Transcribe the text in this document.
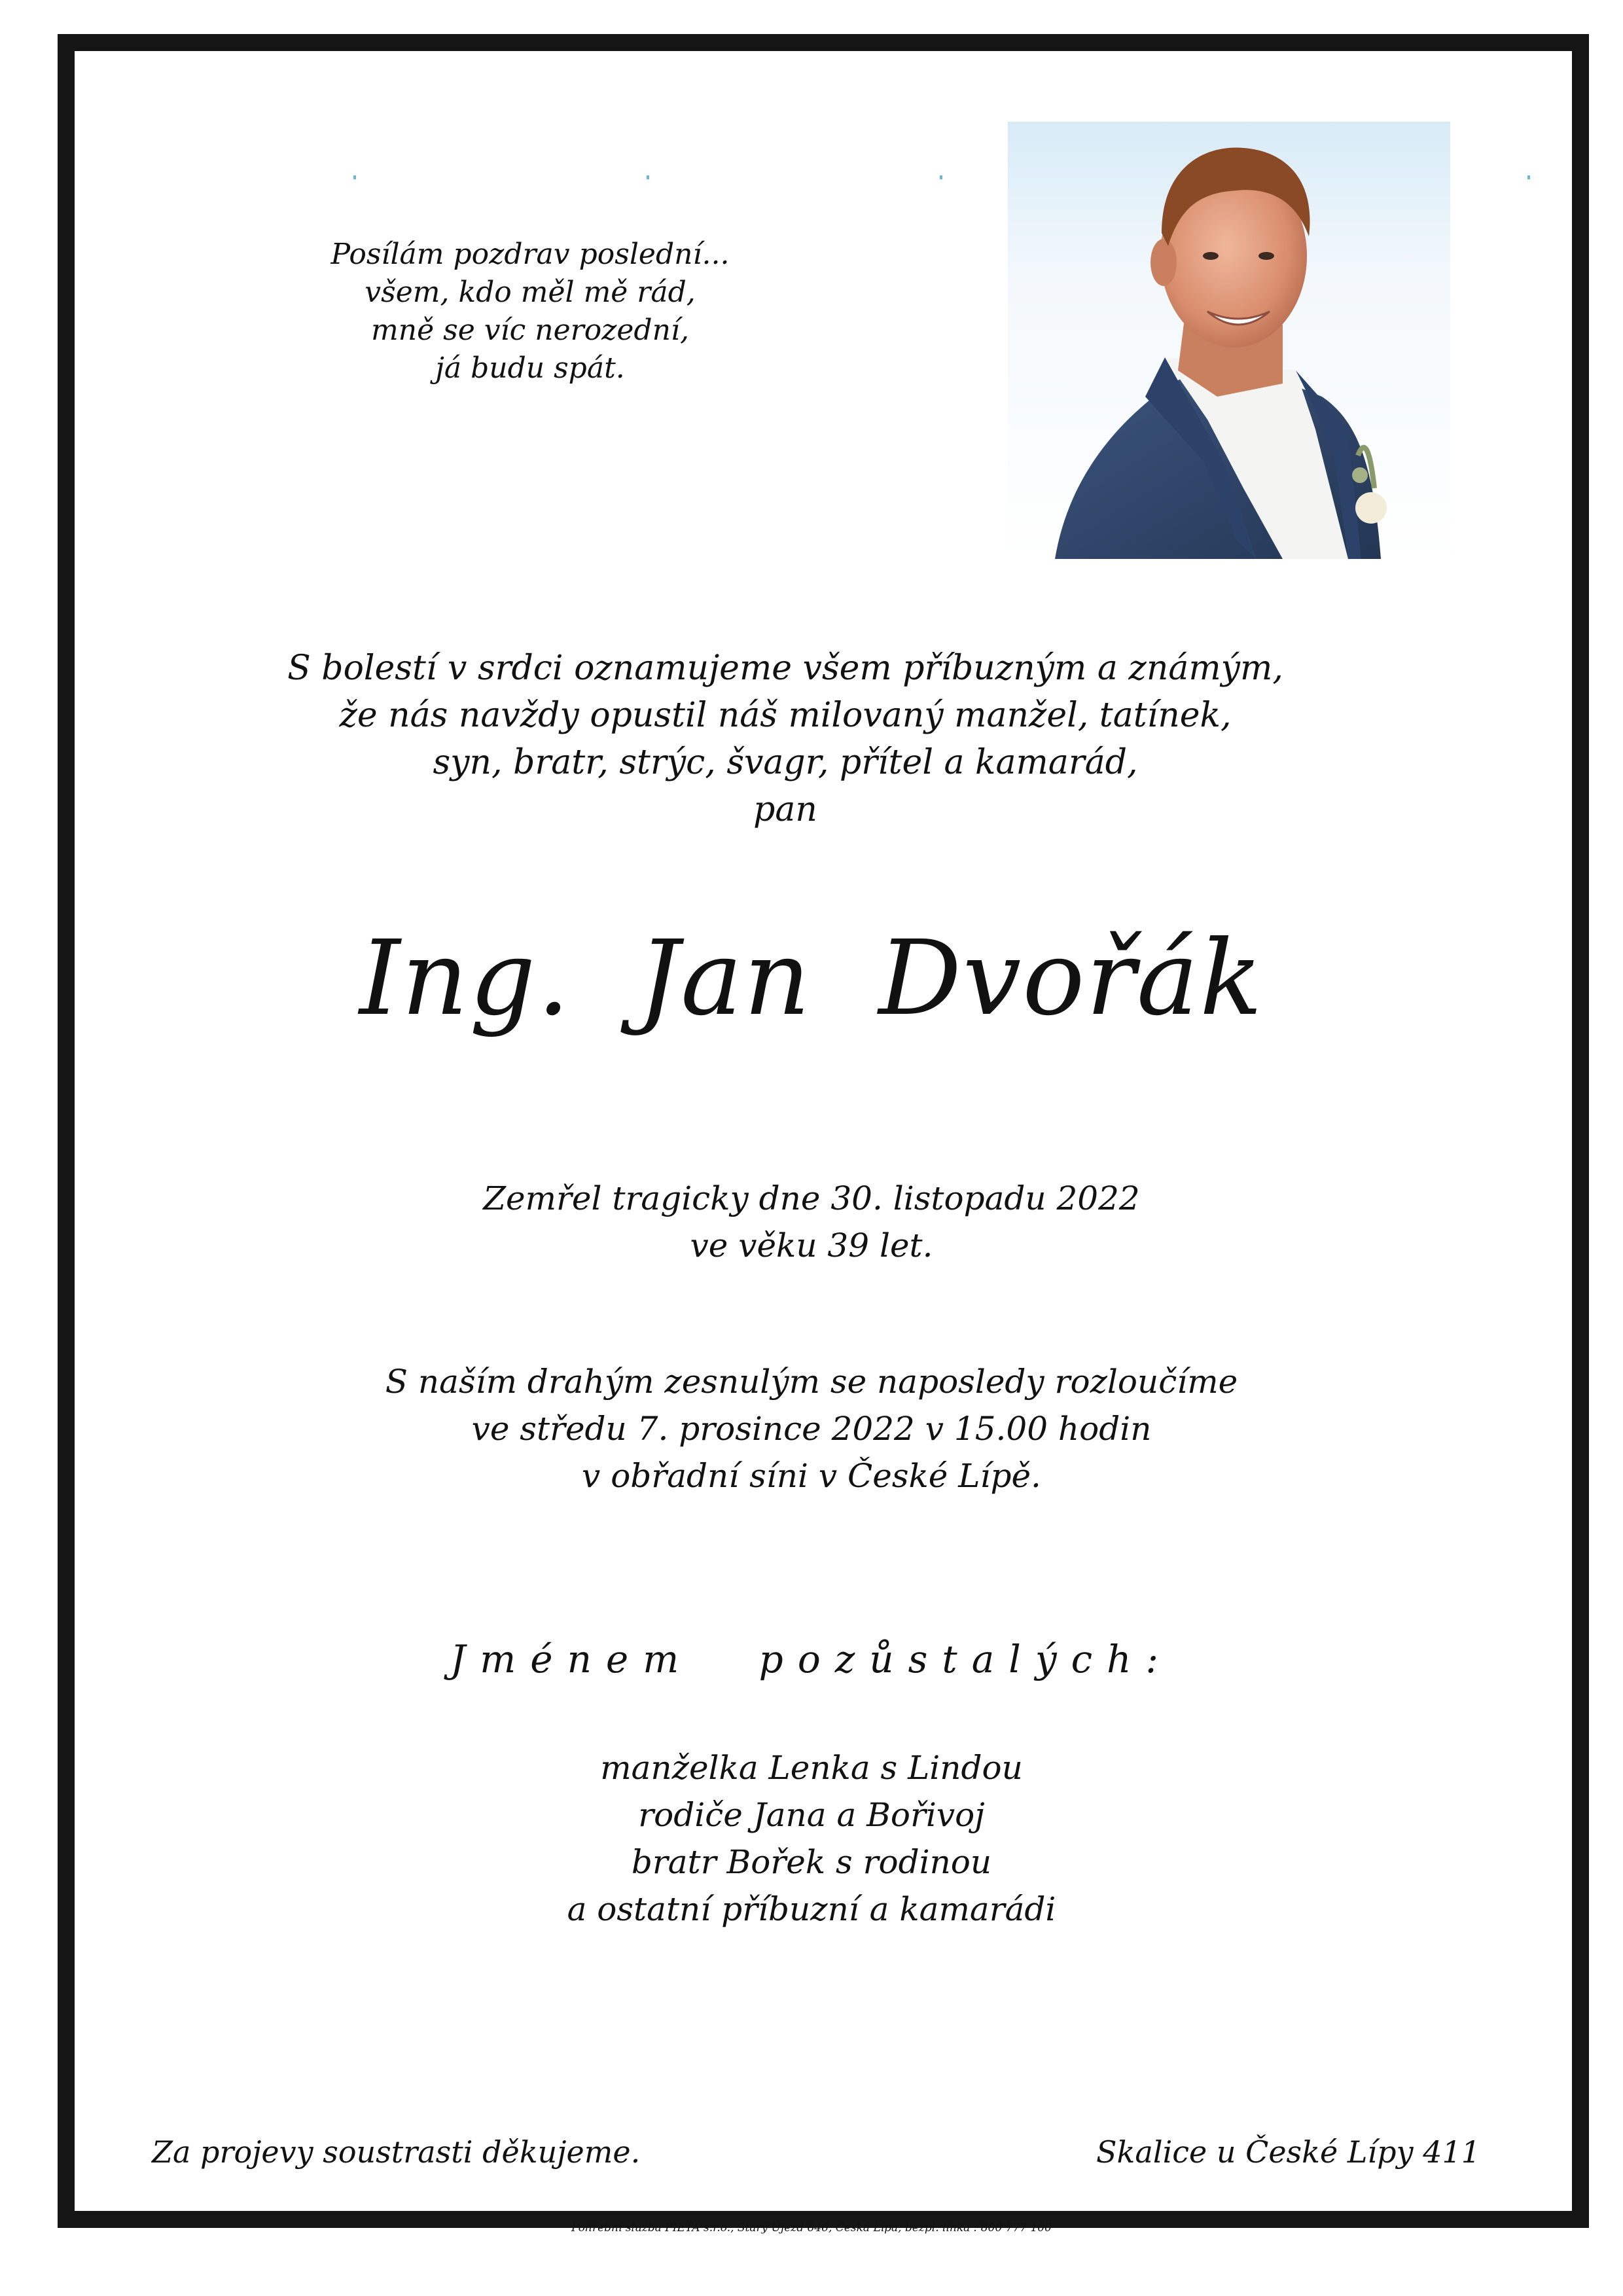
Posílám pozdrav poslední...
všem, kdo měl mě rád,
mně se víc nerozední,
já budu spát.
S bolestí v srdci oznamujeme všem příbuzným a známým,
že nás navždy opustil náš milovaný manžel, tatínek,
syn, bratr, strýc, švagr, přítel a kamarád,
pan
Ing. Jan Dvořák
Zemřel tragicky dne 30. listopadu 2022
ve věku 39 let.
S naším drahým zesnulým se naposledy rozloučíme
ve středu 7. prosince 2022 v 15.00 hodin
v obřadní síni v České Lípě.
Jménem pozůstalých:
manželka Lenka s Lindou
rodiče Jana a Bořivoj
bratr Bořek s rodinou
a ostatní příbuzní a kamarádi
Za projevy soustrasti děkujeme.	Skalice u České Lípy 411
Pohřební služba PIETA s.r.o., Starý Újezd 646, Česká Lípa, bezpl. linka : 800 777 100
